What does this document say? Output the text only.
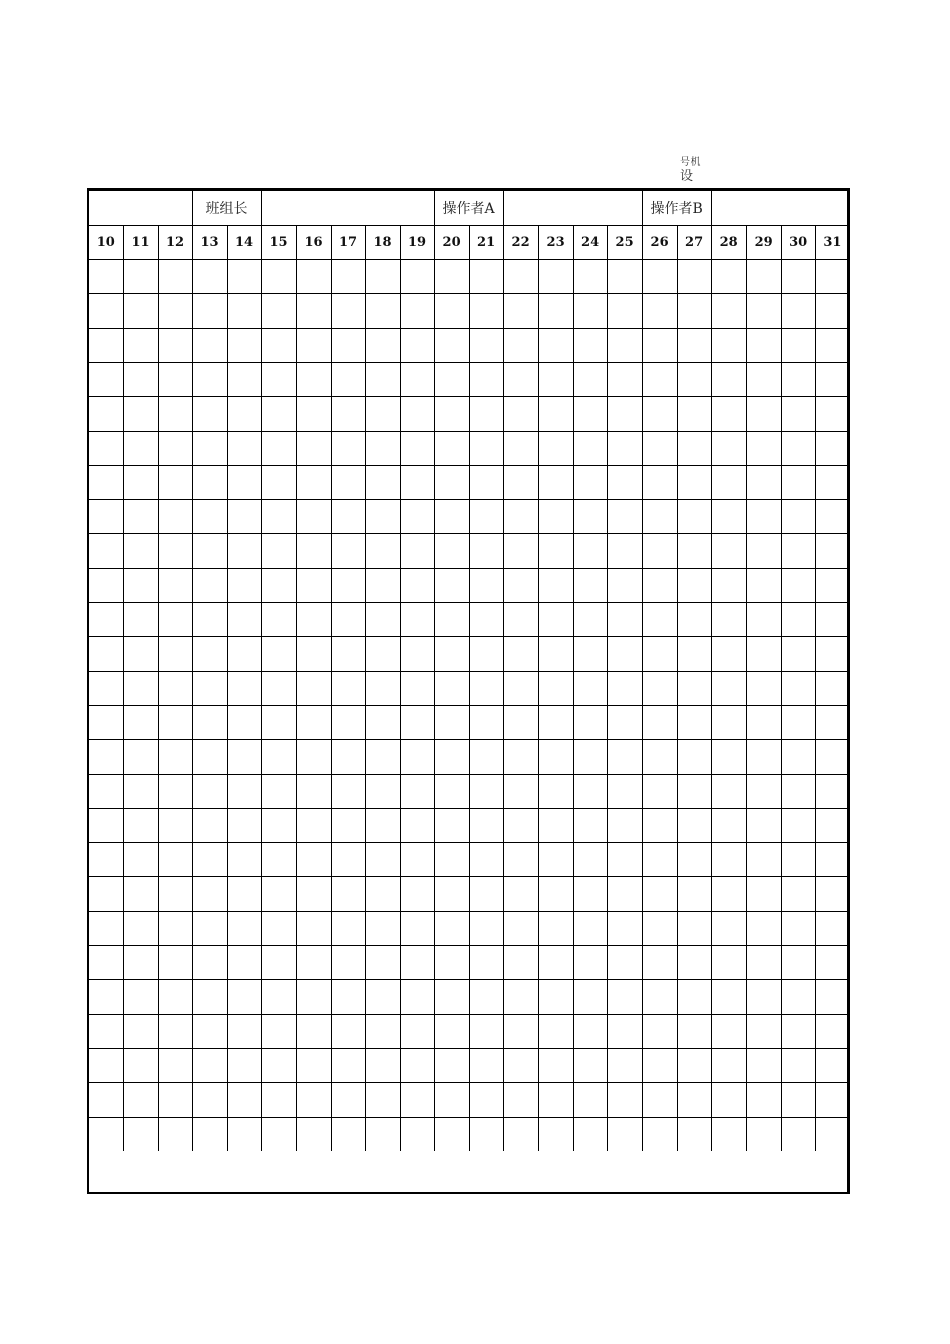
号机
设
			班组长							操作者A						操作者B					
10	11	12	13	14	15	16	17	18	19	20	21	22	23	24	25	26	27	28	29	30	31
